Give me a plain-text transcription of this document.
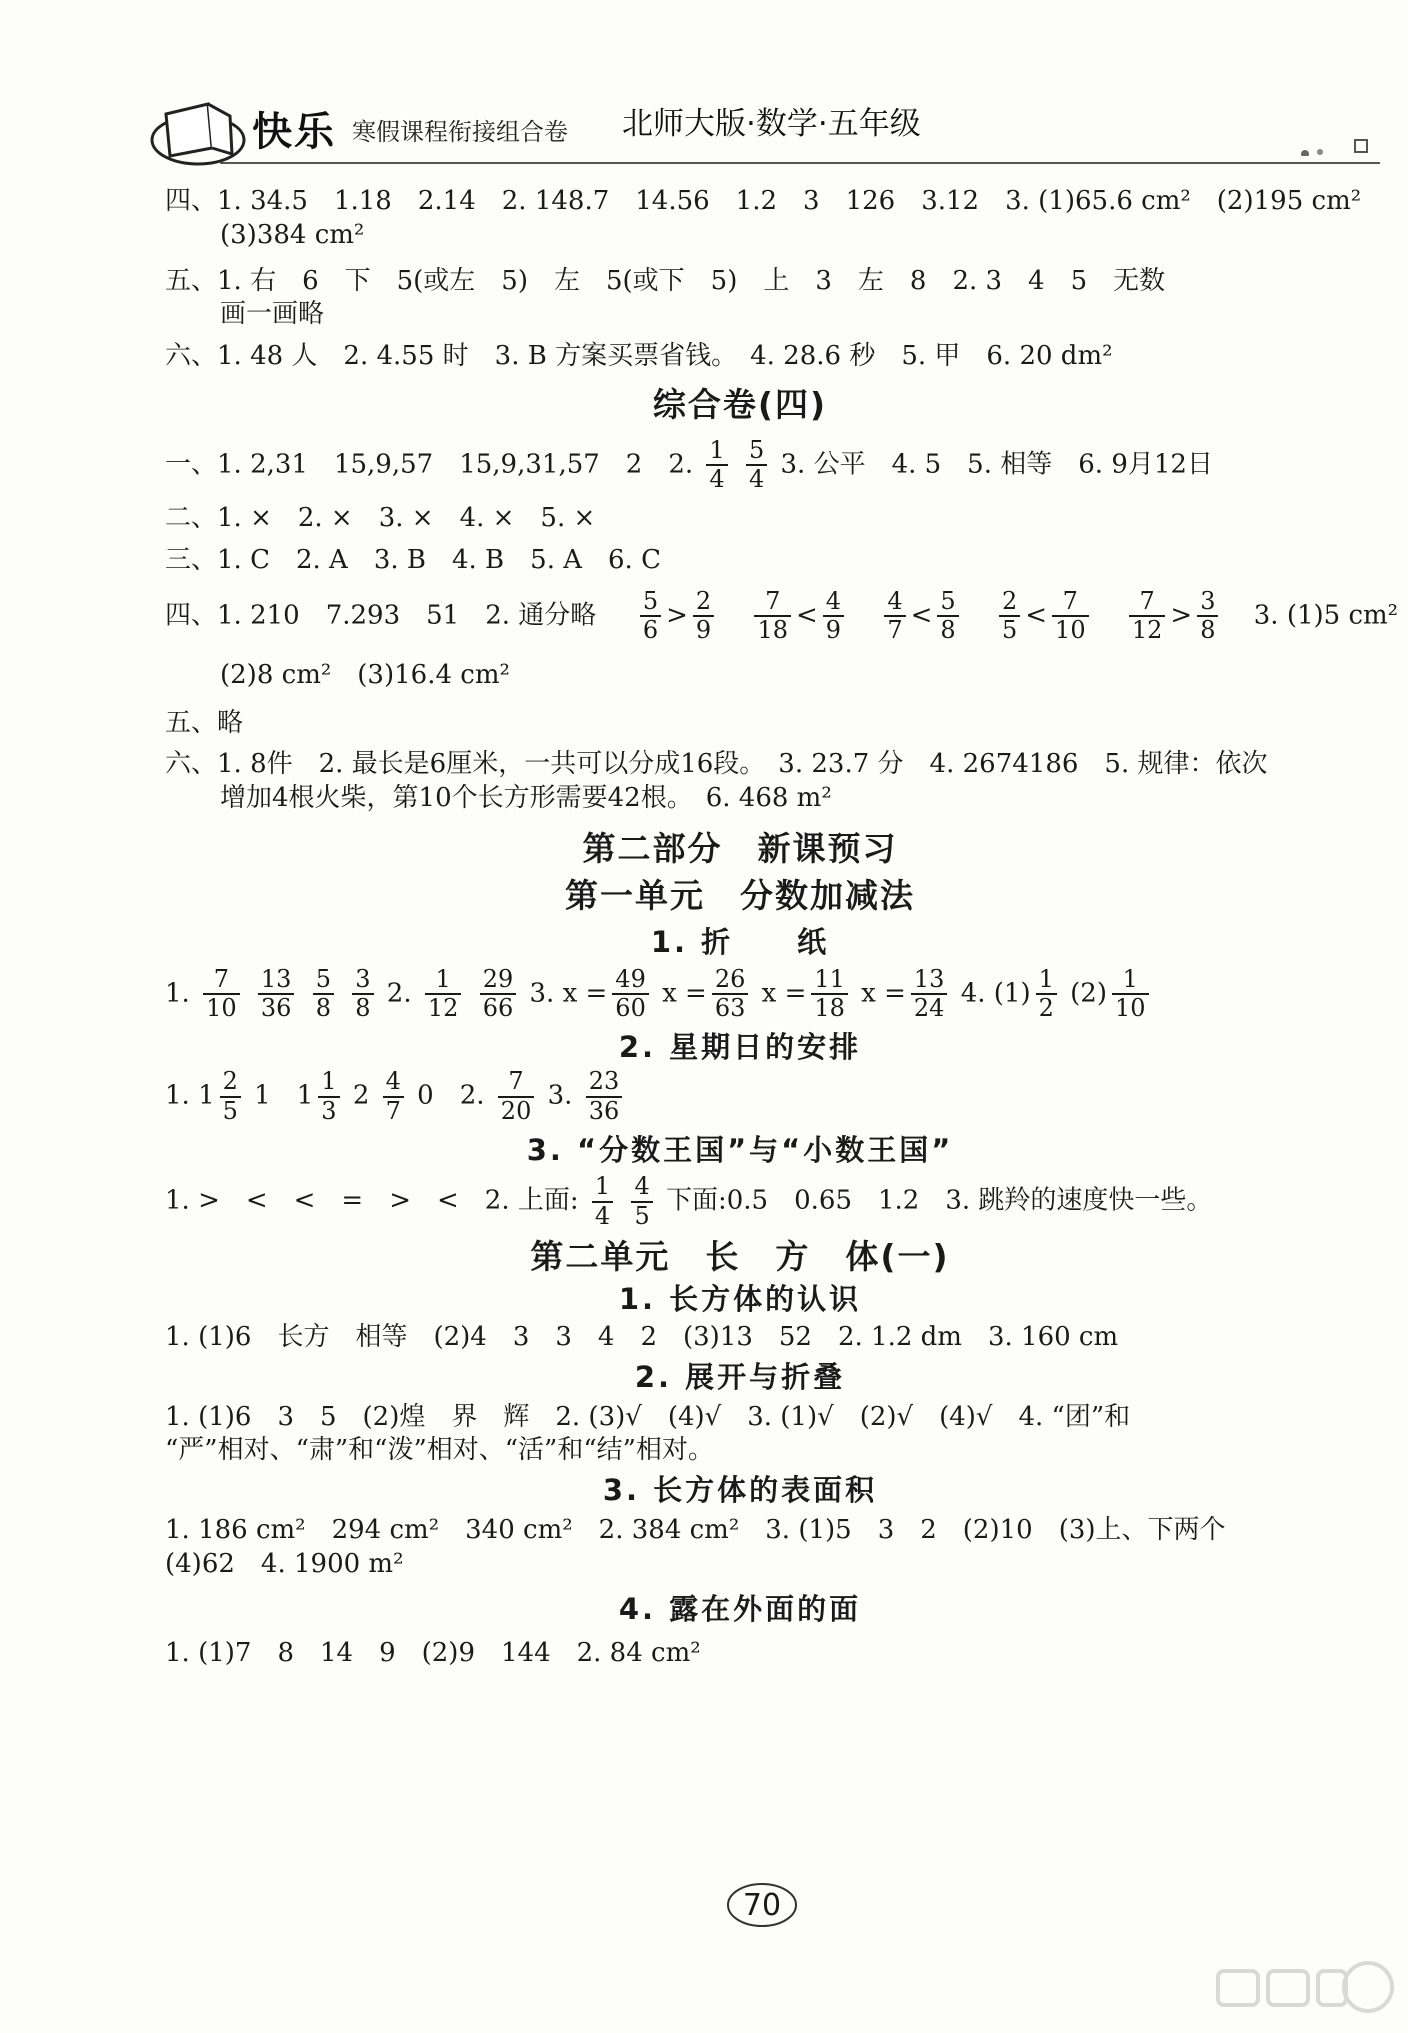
快乐 寒假课程衔接组合卷 北师大版·数学·五年级

四、1. 34.5　1.18　2.14　2. 148.7　14.56　1.2　3　126　3.12　3. (1)65.6 cm²　(2)195 cm²

(3)384 cm²

五、1. 右　6　下　5(或左　5)　左　5(或下　5)　上　3　左　8　2. 3　4　5　无数

画一画略

六、1. 48 人　2. 4.55 时　3. B 方案买票省钱。　4. 28.6 秒　5. 甲　6. 20 dm²

综合卷(四)

一、1. 2,31　15,9,57　15,9,31,57　2　2. $\frac{1}{4}$
$\frac{5}{4} 3$. 公平　4. 5　5. 相等　6. 9月12日

二、1. ×　2. ×　3. ×　4. ×　5. ×

三、1. C　2. A　3. B　4. B　5. A　6. C

四、1. 210　7.293　51　2. 通分略 $\frac{5}{6} > \frac{2}{9}$
$\frac{7}{18} < \frac{4}{9}$
$\frac{4}{7} < \frac{5}{8}$
$\frac{2}{5} < \frac{7}{10}$
$\frac{7}{12} > \frac{3}{8} 3$. (1)5 cm²

(2)8 cm²　(3)16.4 cm²

五、略

六、1. 8件　2. 最长是6厘米，一共可以分成16段。　3. 23.7 分　4. 2674186　5. 规律：依次

增加4根火柴，第10个长方形需要42根。　6. 468 m²

第二部分　新课预习

第一单元　分数加减法

1. 折　　纸

1. $\frac{7}{10}$
$\frac{13}{36}$
$\frac{5}{8}$
$\frac{3}{8} 2$. $\frac{1}{12}$
$\frac{29}{66} 3$. $x = \frac{49}{60}$ $x = \frac{26}{63}$ $x = \frac{11}{18}$ $x = \frac{13}{24} 4$. $(1) \frac{1}{2} (2) \frac{1}{10}$

2. 星期日的安排

1. $1 \frac{2}{5} 1$　$1 \frac{1}{3} 2 \frac{4}{7} 0$　2. $\frac{7}{20} 3$. $\frac{23}{36}$

3. “分数王国”与“小数王国”

1. >　<　<　=　>　<　2. 上面: $\frac{1}{4}$
$\frac{4}{5}$ 下面:0.5　0.65　1.2　3. 跳羚的速度快一些。

第二单元　长　方　体(一)

1. 长方体的认识

1. (1)6　长方　相等　(2)4　3　3　4　2　(3)13　52　2. 1.2 dm　3. 160 cm

2. 展开与折叠

1. (1)6　3　5　(2)煌　界　辉　2. (3)√　(4)√　3. (1)√　(2)√　(4)√　4. “团”和

“严”相对、“肃”和“泼”相对、“活”和“结”相对。

3. 长方体的表面积

1. 186 cm²　294 cm²　340 cm²　2. 384 cm²　3. (1)5　3　2　(2)10　(3)上、下两个

(4)62　4. 1900 m²

4. 露在外面的面

1. (1)7　8　14　9　(2)9　144　2. 84 cm²

70
